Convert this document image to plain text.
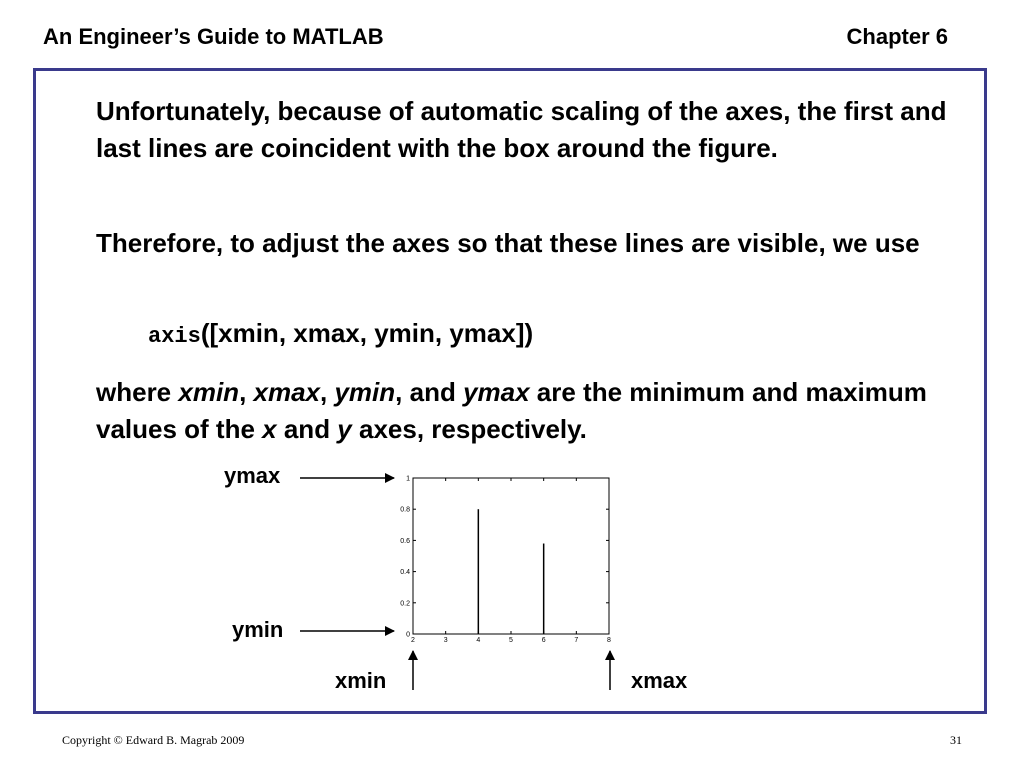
An Engineer’s Guide to MATLAB	Chapter 6
Unfortunately, because of automatic scaling of the axes, the first and last lines are coincident with the box around the figure.
Therefore, to adjust the axes so that these lines are visible, we use
axis([xmin, xmax, ymin, ymax])
where xmin, xmax, ymin, and ymax are the minimum and maximum values of the x and y axes, respectively.
0
0.2
0.4
0.6
0.8
1
2	3	4	5	6	7	8
ymax
ymin
xmin	xmax
Copyright © Edward B. Magrab 2009	31
